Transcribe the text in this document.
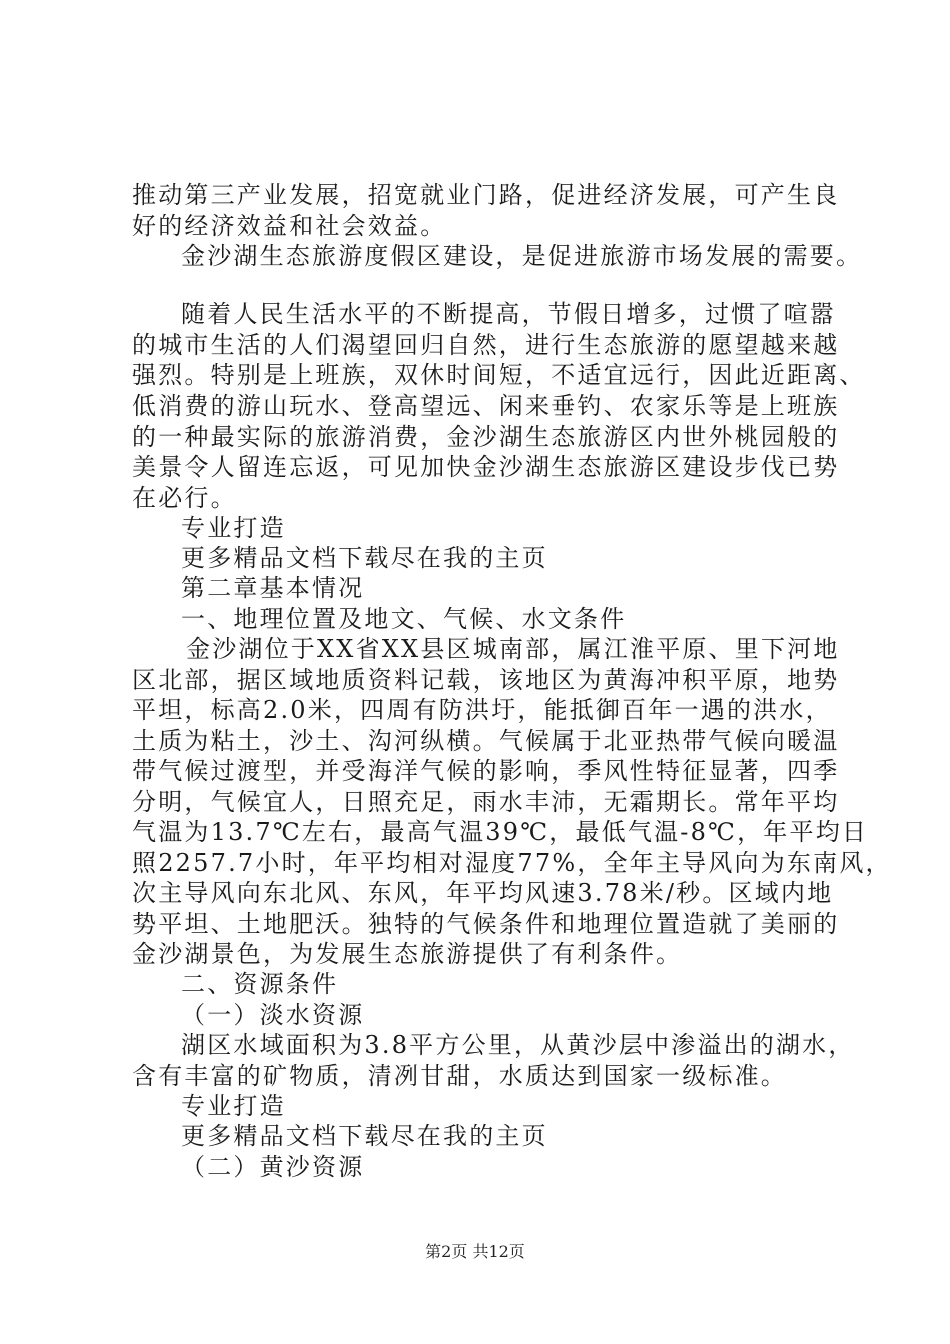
推动第三产业发展，招宽就业门路，促进经济发展，可产生良
好的经济效益和社会效益。
金沙湖生态旅游度假区建设，是促进旅游市场发展的需要。
随着人民生活水平的不断提高，节假日增多，过惯了喧嚣
的城市生活的人们渴望回归自然，进行生态旅游的愿望越来越
强烈。特别是上班族，双休时间短，不适宜远行，因此近距离、
低消费的游山玩水、登高望远、闲来垂钓、农家乐等是上班族
的一种最实际的旅游消费，金沙湖生态旅游区内世外桃园般的
美景令人留连忘返，可见加快金沙湖生态旅游区建设步伐已势
在必行。
专业打造
更多精品文档下载尽在我的主页
第二章基本情况
一、地理位置及地文、气候、水文条件
金沙湖位于XX省XX县区城南部，属江淮平原、里下河地
区北部，据区域地质资料记载，该地区为黄海冲积平原，地势
平坦，标高2.0米，四周有防洪圩，能抵御百年一遇的洪水，
土质为粘土，沙土、沟河纵横。气候属于北亚热带气候向暖温
带气候过渡型，并受海洋气候的影响，季风性特征显著，四季
分明，气候宜人，日照充足，雨水丰沛，无霜期长。常年平均
气温为13.7℃左右，最高气温39℃，最低气温-8℃，年平均日
照2257.7小时，年平均相对湿度77%，全年主导风向为东南风，
次主导风向东北风、东风，年平均风速3.78米/秒。区域内地
势平坦、土地肥沃。独特的气候条件和地理位置造就了美丽的
金沙湖景色，为发展生态旅游提供了有利条件。
二、资源条件
（一）淡水资源
湖区水域面积为3.8平方公里，从黄沙层中渗溢出的湖水，
含有丰富的矿物质，清冽甘甜，水质达到国家一级标准。
专业打造
更多精品文档下载尽在我的主页
（二）黄沙资源
第2页 共12页
